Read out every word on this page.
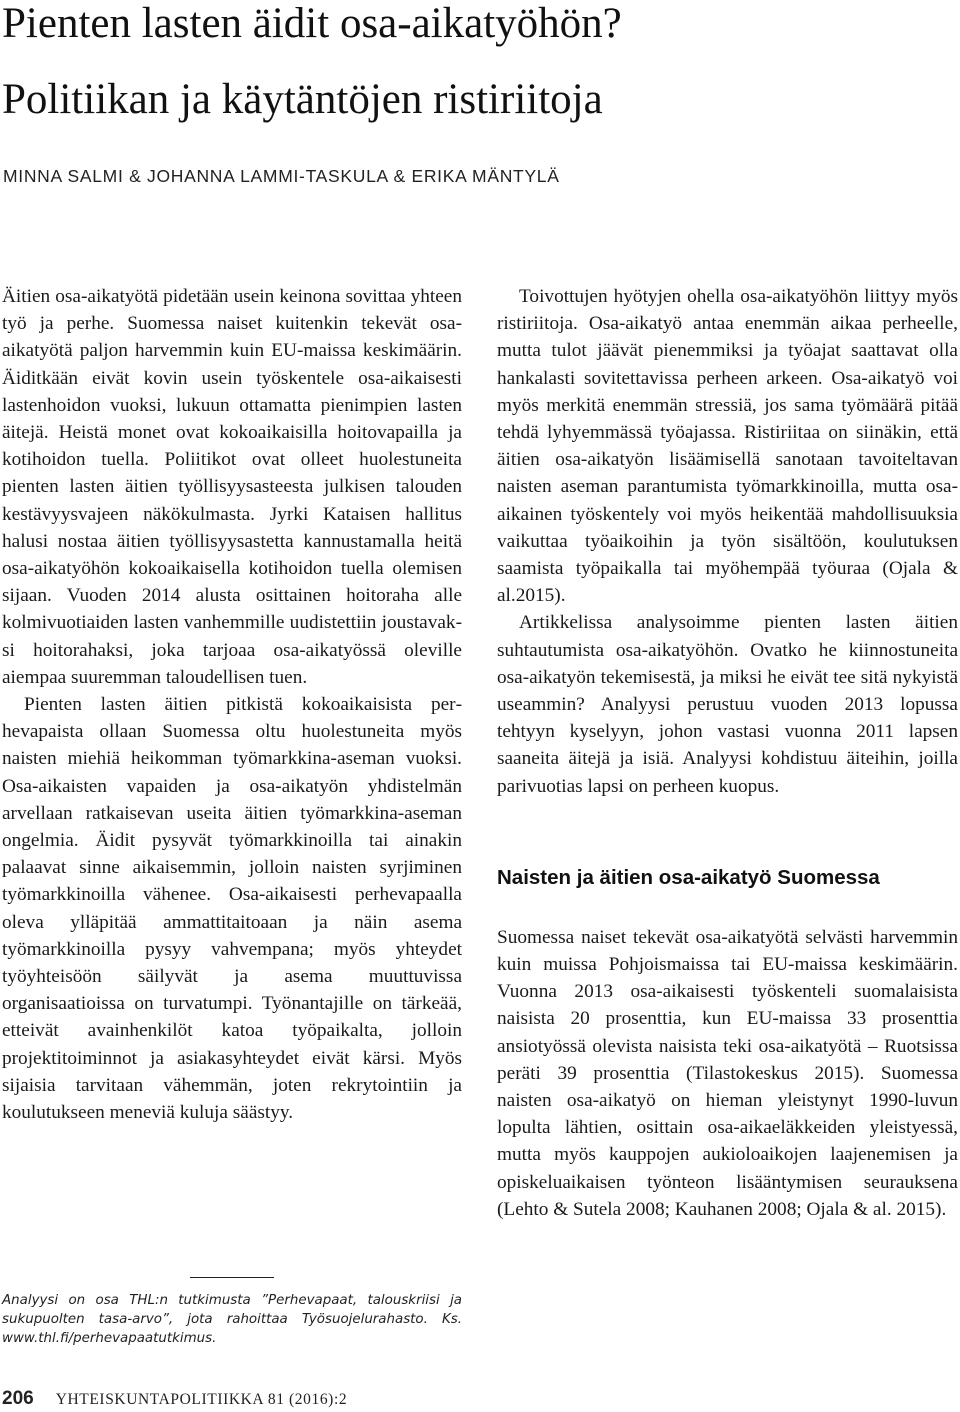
Pienten lasten äidit osa-aikatyöhön?
Politiikan ja käytäntöjen ristiriitoja
MINNA SALMI & JOHANNA LAMMI-TASKULA & ERIKA MÄNTYLÄ

Äitien osa-aikatyötä pidetään usein keinona sovittaa yhteen työ ja perhe. Suomessa naiset kuitenkin tekevät osa-aikatyötä paljon harvemmin kuin EU-maissa keskimäärin. Äiditkään eivät kovin usein työskentele osa-aikaisesti lastenhoidon vuoksi, lukuun ottamatta pienimpien lasten äitejä. Heistä monet ovat kokoaikaisilla hoitovapailla ja kotihoidon tuella. Poliitikot ovat olleet huolestuneita pienten lasten äitien työllisyysasteesta julkisen talouden kestävyysvajeen näkökulmasta. Jyrki Kataisen hallitus halusi nostaa äitien työllisyysastetta kannustamalla heitä osa-aikatyöhön kokoaikaisella kotihoidon tuella olemisen sijaan. Vuoden 2014 alusta osittainen hoitoraha alle kolmivuotiaiden lasten vanhemmille uudistettiin joustavaksi hoitorahaksi, joka tarjoaa osa-aikatyössä oleville aiempaa suuremman taloudellisen tuen.

Pienten lasten äitien pitkistä kokoaikaisista perhevapaista ollaan Suomessa oltu huolestuneita myös naisten miehiä heikomman työmarkkina-aseman vuoksi. Osa-aikaisten vapaiden ja osa-aikatyön yhdistelmän arvellaan ratkaisevan useita äitien työmarkkina-aseman ongelmia. Äidit pysyvät työmarkkinoilla tai ainakin palaavat sinne aikaisemmin, jolloin naisten syrjiminen työmarkkinoilla vähenee. Osa-aikaisesti perhevapaalla oleva ylläpitää ammattitaitoaan ja näin asema työmarkkinoilla pysyy vahvempana; myös yhteydet työyhteisöön säilyvät ja asema muuttuvissa organisaatioissa on turvatumpi. Työnantajille on tärkeää, etteivät avainhenkilöt katoa työpaikalta, jolloin projektitoiminnot ja asiakasyhteydet eivät kärsi. Myös sijaisia tarvitaan vähemmän, joten rekrytointiin ja koulutukseen meneviä kuluja säästyy.

Toivottujen hyötyjen ohella osa-aikatyöhön liittyy myös ristiriitoja. Osa-aikatyö antaa enemmän aikaa perheelle, mutta tulot jäävät pienemmiksi ja työajat saattavat olla hankalasti sovitettavissa perheen arkeen. Osa-aikatyö voi myös merkitä enemmän stressiä, jos sama työmäärä pitää tehdä lyhyemmässä työajassa. Ristiriitaa on siinäkin, että äitien osa-aikatyön lisäämisellä sanotaan tavoiteltavan naisten aseman parantumista työmarkkinoilla, mutta osa-aikainen työskentely voi myös heikentää mahdollisuuksia vaikuttaa työaikoihin ja työn sisältöön, koulutuksen saamista työpaikalla tai myöhempää työuraa (Ojala & al.2015).

Artikkelissa analysoimme pienten lasten äitien suhtautumista osa-aikatyöhön. Ovatko he kiinnostuneita osa-aikatyön tekemisestä, ja miksi he eivät tee sitä nykyistä useammin? Analyysi perustuu vuoden 2013 lopussa tehtyyn kyselyyn, johon vastasi vuonna 2011 lapsen saaneita äitejä ja isiä. Analyysi kohdistuu äiteihin, joilla parivuotias lapsi on perheen kuopus.

Naisten ja äitien osa-aikatyö Suomessa

Suomessa naiset tekevät osa-aikatyötä selvästi harvemmin kuin muissa Pohjoismaissa tai EU-maissa keskimäärin. Vuonna 2013 osa-aikaisesti työskenteli suomalaisista naisista 20 prosenttia, kun EU-maissa 33 prosenttia ansiotyössä olevista naisista teki osa-aikatyötä – Ruotsissa peräti 39 prosenttia (Tilastokeskus 2015). Suomessa naisten osa-aikatyö on hieman yleistynyt 1990-luvun lopulta lähtien, osittain osa-aikaeläkkeiden yleistyessä, mutta myös kauppojen aukioloaikojen laajenemisen ja opiskeluaikaisen työnteon lisääntymisen seurauksena (Lehto & Sutela 2008; Kauhanen 2008; Ojala & al. 2015).

Analyysi on osa THL:n tutkimusta ”Perhevapaat, talouskriisi ja sukupuolten tasa-arvo”, jota rahoittaa Työsuojelurahasto. Ks. www.thl.fi/perhevapaatutkimus.

206 YHTEISKUNTAPOLITIIKKA 81 (2016):2
